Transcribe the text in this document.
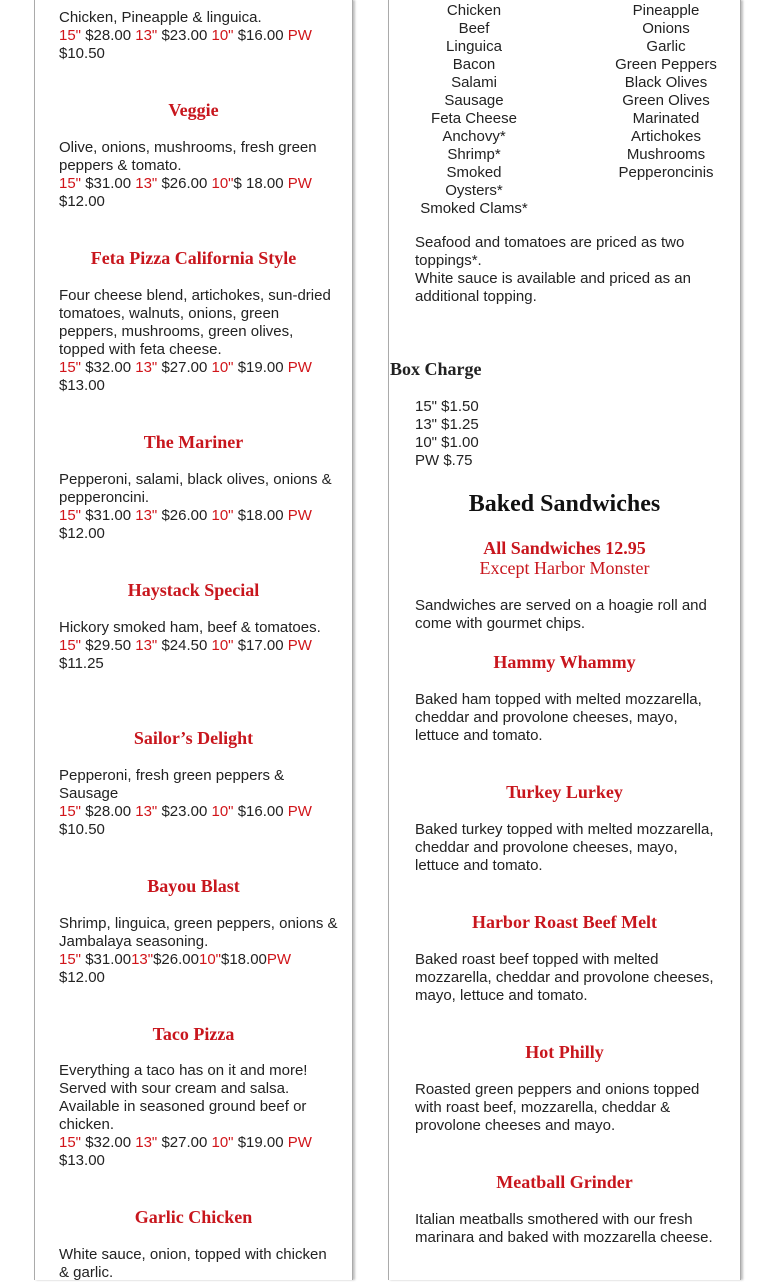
Chicken, Pineapple & linguica.
15" $28.00 13" $23.00 10" $16.00 PW
$10.50

Veggie

Olive, onions, mushrooms, fresh green peppers & tomato.
15" $31.00 13" $26.00 10"$ 18.00 PW
$12.00

Feta Pizza California Style

Four cheese blend, artichokes, sun-dried tomatoes, walnuts, onions, green peppers, mushrooms, green olives, topped with feta cheese.
15" $32.00 13" $27.00 10" $19.00 PW
$13.00

The Mariner

Pepperoni, salami, black olives, onions & pepperoncini.
15" $31.00 13" $26.00 10" $18.00 PW
$12.00

Haystack Special

Hickory smoked ham, beef & tomatoes.
15" $29.50 13" $24.50 10" $17.00 PW
$11.25

Sailor’s Delight

Pepperoni, fresh green peppers & Sausage
15" $28.00 13" $23.00 10" $16.00 PW
$10.50

Bayou Blast

Shrimp, linguica, green peppers, onions & Jambalaya seasoning.
15" $31.0013"$26.0010"$18.00PW
$12.00

Taco Pizza

Everything a taco has on it and more! Served with sour cream and salsa. Available in seasoned ground beef or chicken.
15" $32.00 13" $27.00 10" $19.00 PW
$13.00

Garlic Chicken

White sauce, onion, topped with chicken & garlic.

Chicken
Beef
Linguica
Bacon
Salami
Sausage
Feta Cheese
Anchovy*
Shrimp*
Smoked
Oysters*
Smoked Clams*
Pineapple
Onions
Garlic
Green Peppers
Black Olives
Green Olives
Marinated
Artichokes
Mushrooms
Pepperoncinis

Seafood and tomatoes are priced as two toppings*.

White sauce is available and priced as an additional topping.

Box Charge

15" $1.50
13" $1.25
10" $1.00
PW $.75

Baked Sandwiches
All Sandwiches 12.95

Except Harbor Monster

Sandwiches are served on a hoagie roll and come with gourmet chips.

Hammy Whammy

Baked ham topped with melted mozzarella, cheddar and provolone cheeses, mayo, lettuce and tomato.

Turkey Lurkey

Baked turkey topped with melted mozzarella, cheddar and provolone cheeses, mayo, lettuce and tomato.

Harbor Roast Beef Melt

Baked roast beef topped with melted mozzarella, cheddar and provolone cheeses, mayo, lettuce and tomato.

Hot Philly

Roasted green peppers and onions topped with roast beef, mozzarella, cheddar & provolone cheeses and mayo.

Meatball Grinder

Italian meatballs smothered with our fresh marinara and baked with mozzarella cheese.
